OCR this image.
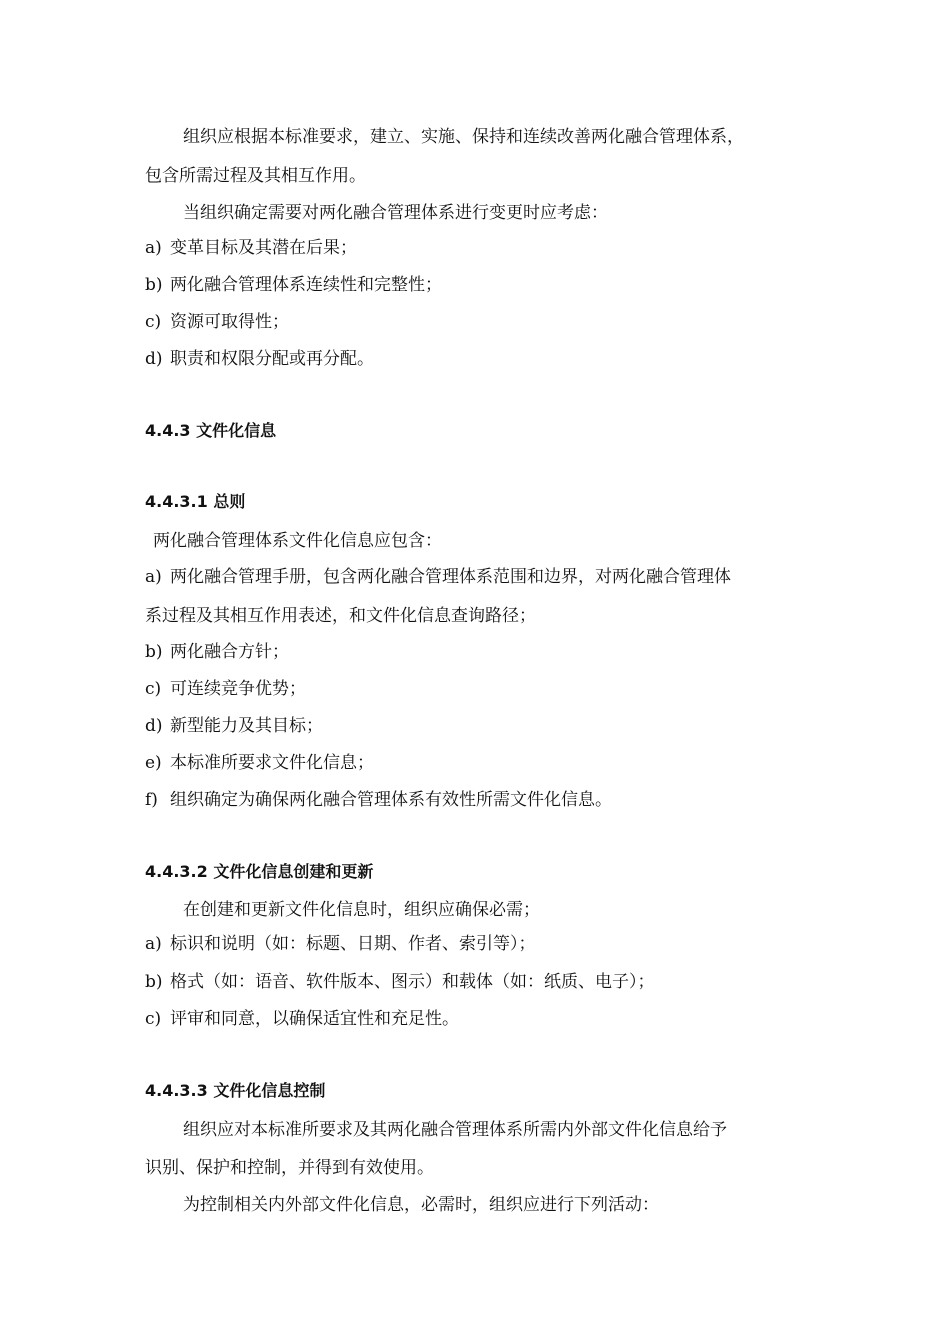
组织应根据本标准要求，建立、实施、保持和连续改善两化融合管理体系，
包含所需过程及其相互作用。
当组织确定需要对两化融合管理体系进行变更时应考虑：
a) 变革目标及其潜在后果；
b) 两化融合管理体系连续性和完整性；
c) 资源可取得性；
d) 职责和权限分配或再分配。
4.4.3 文件化信息
4.4.3.1 总则
两化融合管理体系文件化信息应包含：
a) 两化融合管理手册，包含两化融合管理体系范围和边界，对两化融合管理体
系过程及其相互作用表述，和文件化信息查询路径；
b) 两化融合方针；
c) 可连续竞争优势；
d) 新型能力及其目标；
e) 本标准所要求文件化信息；
f) 组织确定为确保两化融合管理体系有效性所需文件化信息。
4.4.3.2 文件化信息创建和更新
在创建和更新文件化信息时，组织应确保必需；
a) 标识和说明（如：标题、日期、作者、索引等）；
b) 格式（如：语音、软件版本、图示）和载体（如：纸质、电子）；
c) 评审和同意，以确保适宜性和充足性。
4.4.3.3 文件化信息控制
组织应对本标准所要求及其两化融合管理体系所需内外部文件化信息给予
识别、保护和控制，并得到有效使用。
为控制相关内外部文件化信息，必需时，组织应进行下列活动：
